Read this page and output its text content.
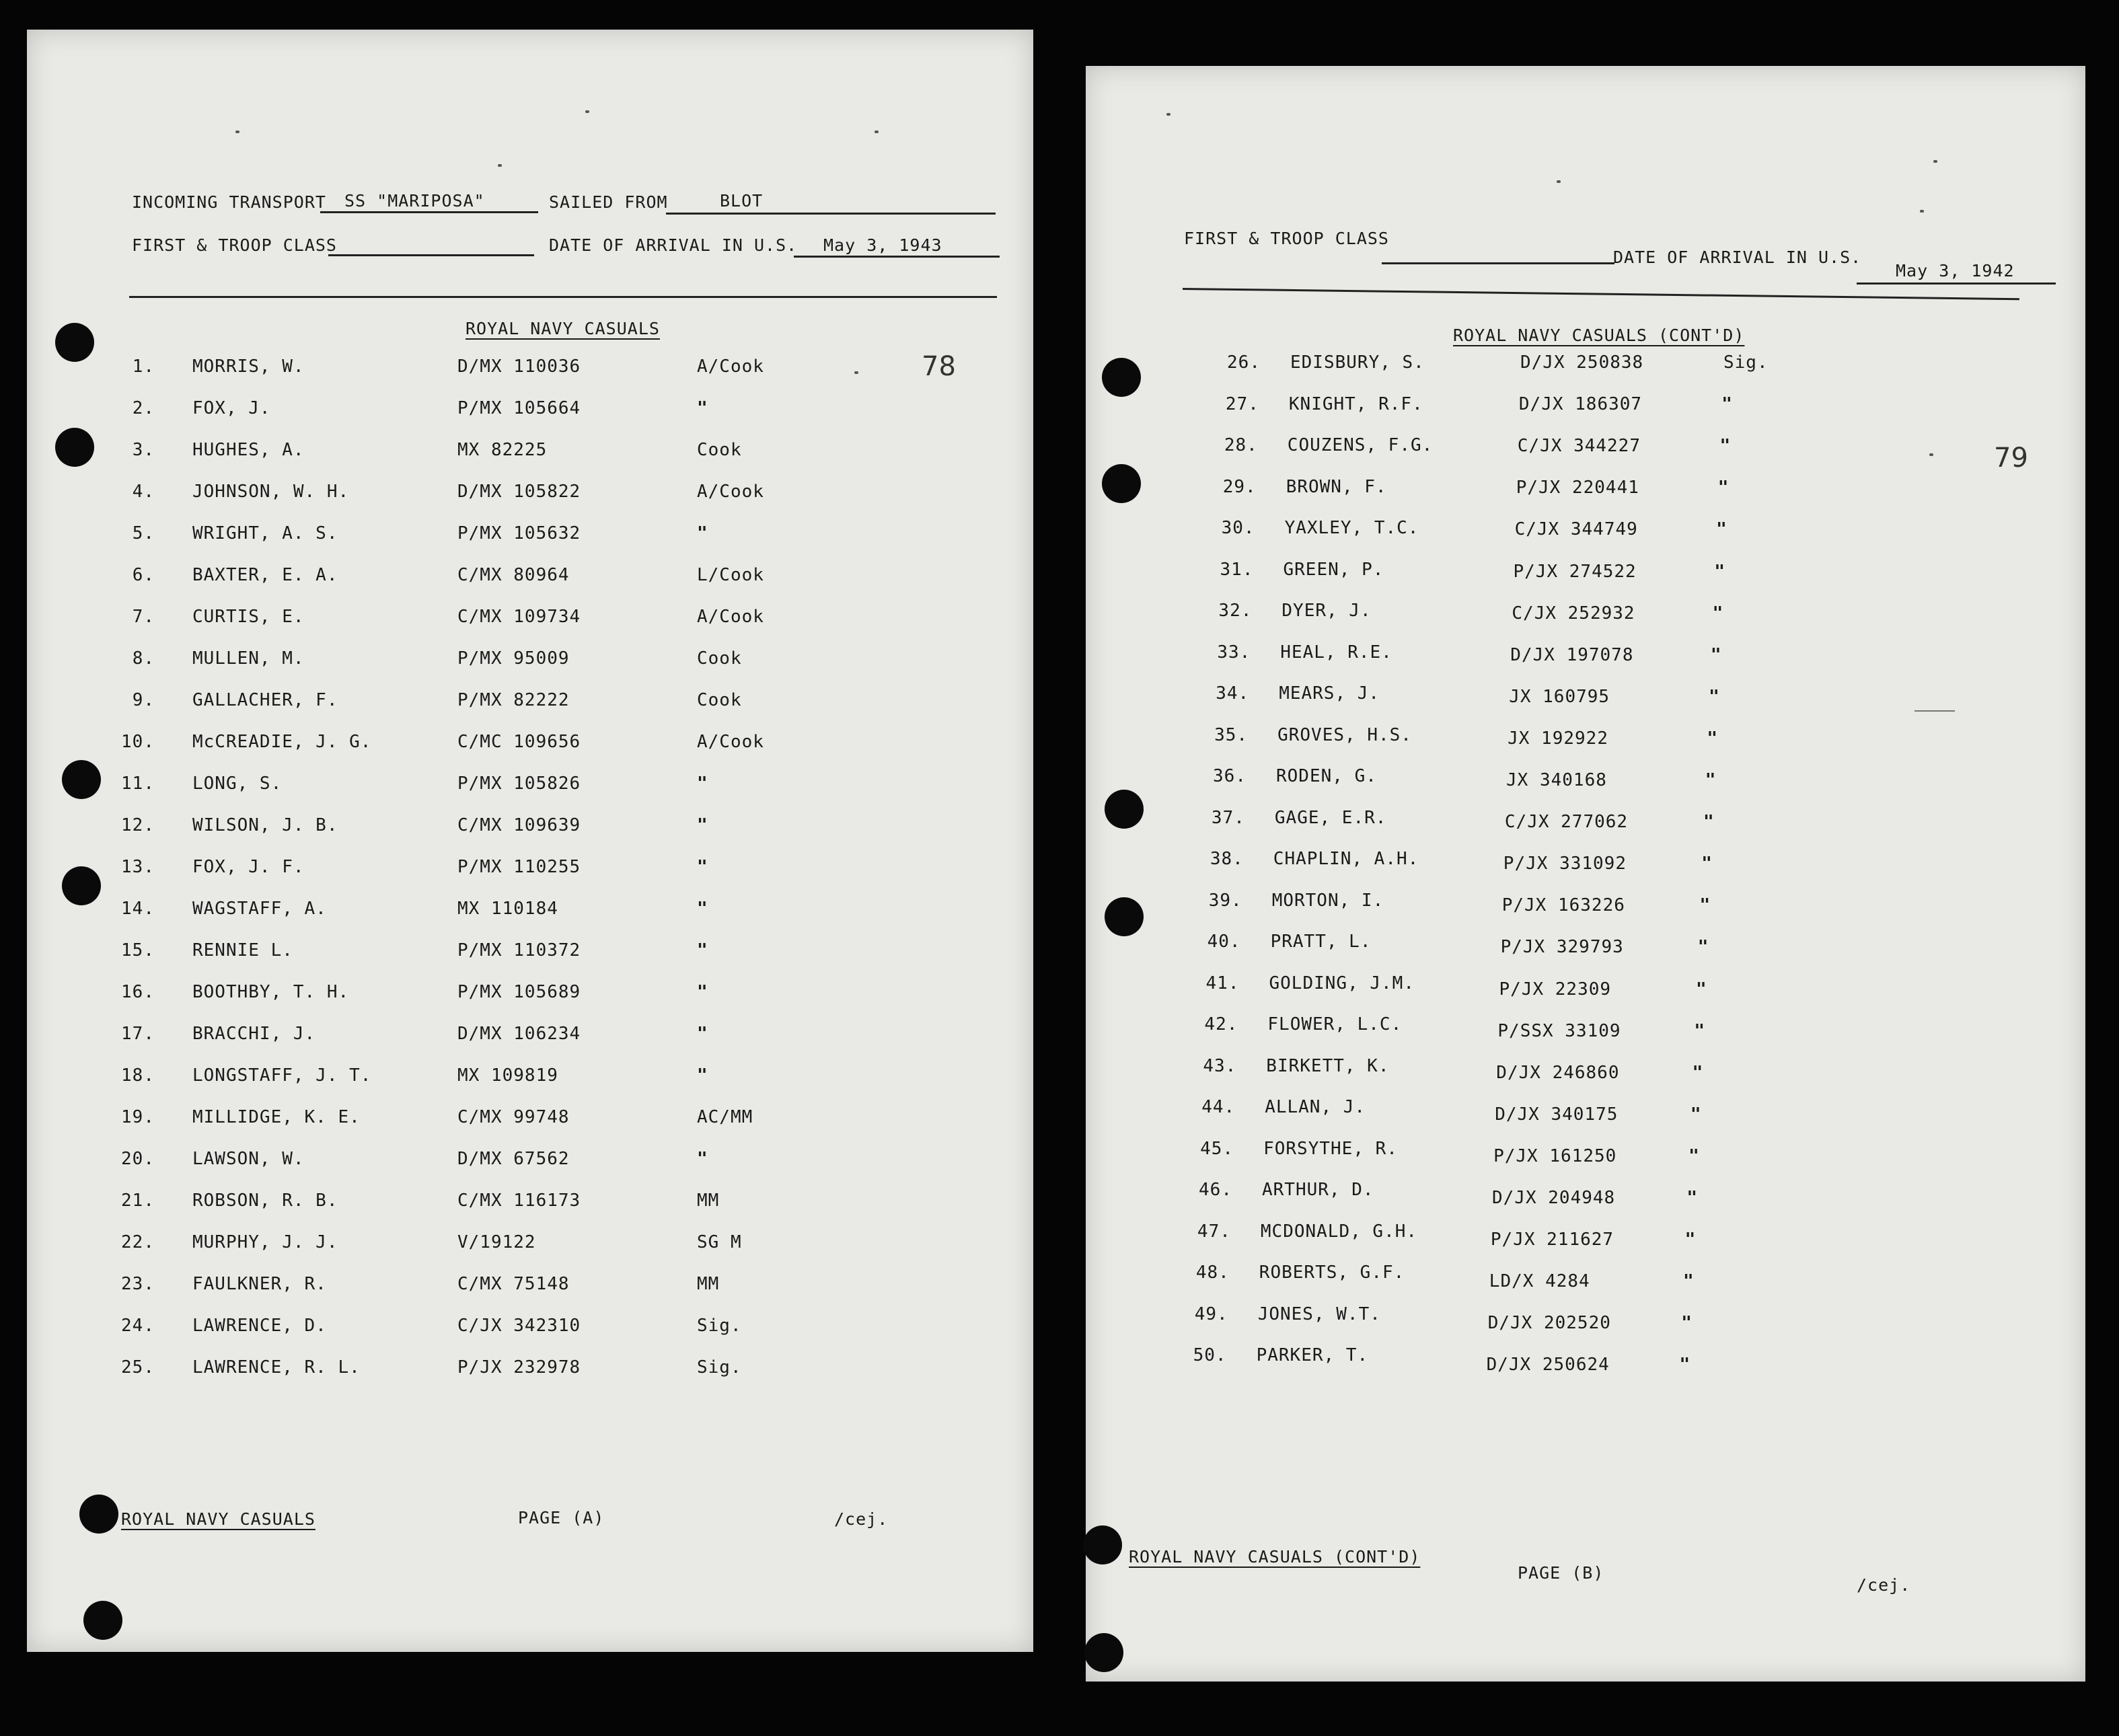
INCOMING TRANSPORT SS "MARIPOSA"	SAILED FROM	BLOT
FIRST & TROOP CLASS	DATE OF ARRIVAL IN U.S. May 3, 1943
ROYAL NAVY CASUALS
78
1. MORRIS, W.	D/MX 110036	A/Cook
2. FOX, J.	P/MX 105664	"
3. HUGHES, A.	MX 82225	Cook
4. JOHNSON, W. H.	D/MX 105822	A/Cook
5. WRIGHT, A. S.	P/MX 105632	"
6. BAXTER, E. A.	C/MX 80964	L/Cook
7. CURTIS, E.	C/MX 109734	A/Cook
8. MULLEN, M.	P/MX 95009	Cook
9. GALLACHER, F.	P/MX 82222	Cook
10. McCREADIE, J. G.	C/MC 109656	A/Cook
11. LONG, S.	P/MX 105826	"
12. WILSON, J. B.	C/MX 109639	"
13. FOX, J. F.	P/MX 110255	"
14. WAGSTAFF, A.	MX 110184	"
15. RENNIE L.	P/MX 110372	"
16. BOOTHBY, T. H.	P/MX 105689	"
17. BRACCHI, J.	D/MX 106234	"
18. LONGSTAFF, J. T.	MX 109819	"
19. MILLIDGE, K. E.	C/MX 99748	AC/MM
20. LAWSON, W.	D/MX 67562	"
21. ROBSON, R. B.	C/MX 116173	MM
22. MURPHY, J. J.	V/19122	SG M
23. FAULKNER, R.	C/MX 75148	MM
24. LAWRENCE, D.	C/JX 342310	Sig.
25. LAWRENCE, R. L.	P/JX 232978	Sig.
ROYAL NAVY CASUALS	PAGE (A)	/cej.
FIRST & TROOP CLASS
DATE OF ARRIVAL IN U.S.
May 3, 1942
ROYAL NAVY CASUALS (CONT'D)
79
26. EDISBURY, S.	D/JX 250838	Sig.
27. KNIGHT, R.F.	D/JX 186307	"
28. COUZENS, F.G.	C/JX 344227	"
29. BROWN, F.	P/JX 220441	"
30. YAXLEY, T.C.	C/JX 344749	"
31. GREEN, P.	P/JX 274522	"
32. DYER, J.	C/JX 252932	"
33. HEAL, R.E.	D/JX 197078	"
34. MEARS, J.	JX 160795	"
35. GROVES, H.S.	JX 192922	"
36. RODEN, G.	JX 340168	"
37. GAGE, E.R.	C/JX 277062	"
38. CHAPLIN, A.H.	P/JX 331092	"
39. MORTON, I.	P/JX 163226	"
40. PRATT, L.	P/JX 329793	"
41. GOLDING, J.M.	P/JX 22309	"
42. FLOWER, L.C.	P/SSX 33109	"
43. BIRKETT, K.	D/JX 246860	"
44. ALLAN, J.	D/JX 340175	"
45. FORSYTHE, R.	P/JX 161250	"
46. ARTHUR, D.	D/JX 204948	"
47. MCDONALD, G.H.	P/JX 211627	"
48. ROBERTS, G.F.	LD/X 4284	"
49. JONES, W.T.	D/JX 202520	"
50. PARKER, T.	D/JX 250624	"
ROYAL NAVY CASUALS (CONT'D)
PAGE (B)
/cej.
